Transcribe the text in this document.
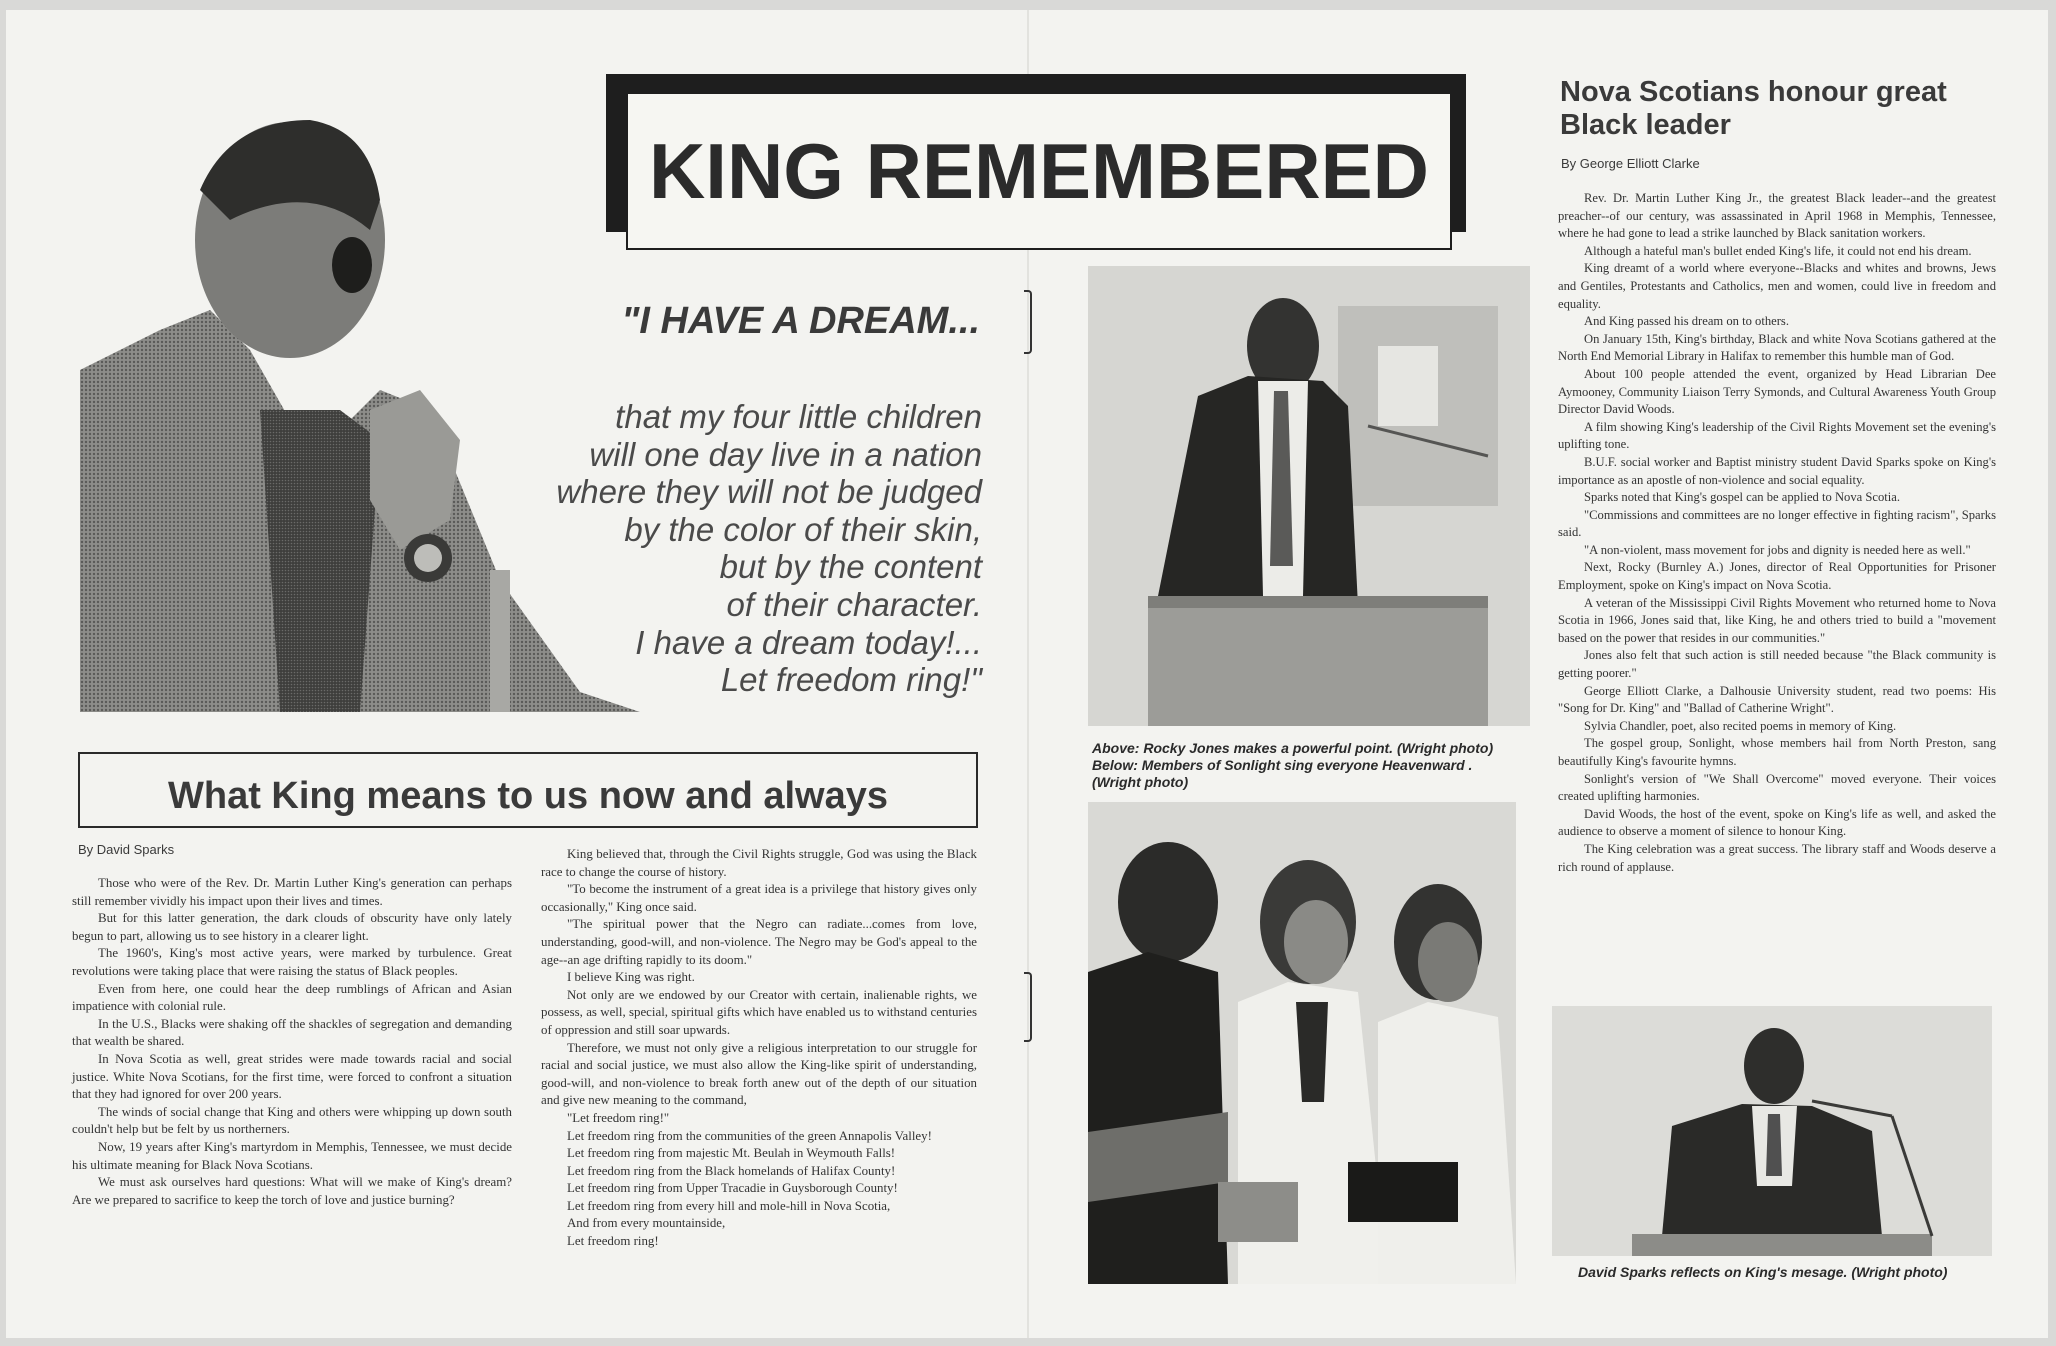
KING REMEMBERED
"I HAVE A DREAM...
that my four little children
will one day live in a nation
where they will not be judged
by the color of their skin,
but by the content
of their character.
I have a dream today!...
Let freedom ring!"
What King means to us now and always
By David Sparks

Those who were of the Rev. Dr. Martin Luther King's generation can perhaps still remember vividly his impact upon their lives and times.

But for this latter generation, the dark clouds of obscurity have only lately begun to part, allowing us to see history in a clearer light.

The 1960's, King's most active years, were marked by turbulence. Great revolutions were taking place that were raising the status of Black peoples.

Even from here, one could hear the deep rumblings of African and Asian impatience with colonial rule.

In the U.S., Blacks were shaking off the shackles of segregation and demanding that wealth be shared.

In Nova Scotia as well, great strides were made towards racial and social justice. White Nova Scotians, for the first time, were forced to confront a situation that they had ignored for over 200 years.

The winds of social change that King and others were whipping up down south couldn't help but be felt by us northerners.

Now, 19 years after King's martyrdom in Memphis, Tennessee, we must decide his ultimate meaning for Black Nova Scotians.

We must ask ourselves hard questions: What will we make of King's dream? Are we prepared to sacrifice to keep the torch of love and justice burning?

King believed that, through the Civil Rights struggle, God was using the Black race to change the course of history.

"To become the instrument of a great idea is a privilege that history gives only occasionally," King once said.

"The spiritual power that the Negro can radiate...comes from love, understanding, good-will, and non-violence. The Negro may be God's appeal to the age--an age drifting rapidly to its doom."

I believe King was right.

Not only are we endowed by our Creator with certain, inalienable rights, we possess, as well, special, spiritual gifts which have enabled us to withstand centuries of oppression and still soar upwards.

Therefore, we must not only give a religious interpretation to our struggle for racial and social justice, we must also allow the King-like spirit of understanding, good-will, and non-violence to break forth anew out of the depth of our situation and give new meaning to the command,

"Let freedom ring!"

Let freedom ring from the communities of the green Annapolis Valley!

Let freedom ring from majestic Mt. Beulah in Weymouth Falls!

Let freedom ring from the Black homelands of Halifax County!

Let freedom ring from Upper Tracadie in Guysborough County!

Let freedom ring from every hill and mole-hill in Nova Scotia,

And from every mountainside,

Let freedom ring!

Above: Rocky Jones makes a powerful point. (Wright photo)
Below: Members of Sonlight sing everyone Heavenward .
(Wright photo)
Nova Scotians honour great Black leader
By George Elliott Clarke

Rev. Dr. Martin Luther King Jr., the greatest Black leader--and the greatest preacher--of our century, was assassinated in April 1968 in Memphis, Tennessee, where he had gone to lead a strike launched by Black sanitation workers.

Although a hateful man's bullet ended King's life, it could not end his dream.

King dreamt of a world where everyone--Blacks and whites and browns, Jews and Gentiles, Protestants and Catholics, men and women, could live in freedom and equality.

And King passed his dream on to others.

On January 15th, King's birthday, Black and white Nova Scotians gathered at the North End Memorial Library in Halifax to remember this humble man of God.

About 100 people attended the event, organized by Head Librarian Dee Aymooney, Community Liaison Terry Symonds, and Cultural Awareness Youth Group Director David Woods.

A film showing King's leadership of the Civil Rights Movement set the evening's uplifting tone.

B.U.F. social worker and Baptist ministry student David Sparks spoke on King's importance as an apostle of non-violence and social equality.

Sparks noted that King's gospel can be applied to Nova Scotia.

"Commissions and committees are no longer effective in fighting racism", Sparks said.

"A non-violent, mass movement for jobs and dignity is needed here as well."

Next, Rocky (Burnley A.) Jones, director of Real Opportunities for Prisoner Employment, spoke on King's impact on Nova Scotia.

A veteran of the Mississippi Civil Rights Movement who returned home to Nova Scotia in 1966, Jones said that, like King, he and others tried to build a "movement based on the power that resides in our communities."

Jones also felt that such action is still needed because "the Black community is getting poorer."

George Elliott Clarke, a Dalhousie University student, read two poems: His "Song for Dr. King" and "Ballad of Catherine Wright".

Sylvia Chandler, poet, also recited poems in memory of King.

The gospel group, Sonlight, whose members hail from North Preston, sang beautifully King's favourite hymns.

Sonlight's version of "We Shall Overcome" moved everyone. Their voices created uplifting harmonies.

David Woods, the host of the event, spoke on King's life as well, and asked the audience to observe a moment of silence to honour King.

The King celebration was a great success. The library staff and Woods deserve a rich round of applause.

David Sparks reflects on King's mesage. (Wright photo)
